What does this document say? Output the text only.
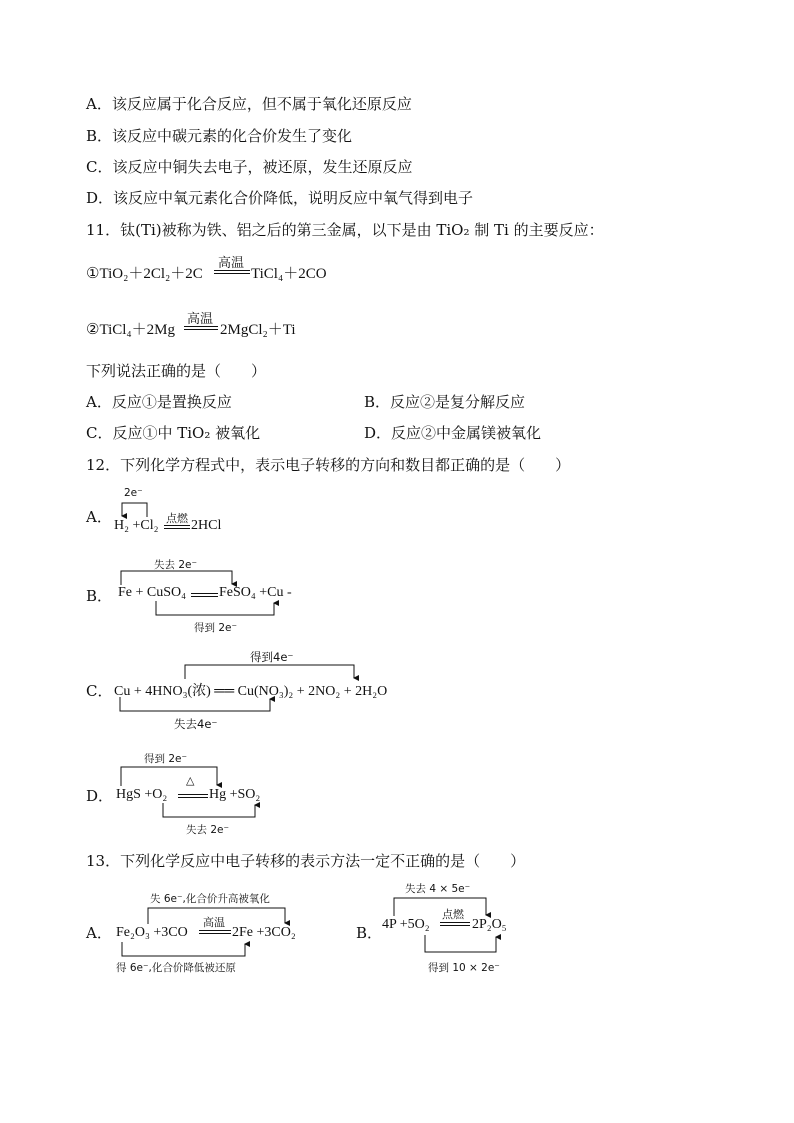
A．该反应属于化合反应，但不属于氧化还原反应
B．该反应中碳元素的化合价发生了变化
C．该反应中铜失去电子，被还原，发生还原反应
D．该反应中氧元素化合价降低，说明反应中氧气得到电子
11．钛(Ti)被称为铁、铝之后的第三金属，以下是由 TiO₂ 制 Ti 的主要反应：
①TiO₂＋2Cl₂＋2C
高温
TiCl₄＋2CO
②TiCl₄＋2Mg
高温
2MgCl₂＋Ti
下列说法正确的是（　　）
A．反应①是置换反应	B．反应②是复分解反应
C．反应①中 TiO₂ 被氧化	D．反应②中金属镁被氧化
12．下列化学方程式中，表示电子转移的方向和数目都正确的是（　　）
A．
2e⁻
H₂ +Cl₂ 点燃 2HCl
B．
失去 2e⁻
Fe + CuSO₄ FeSO₄ +Cu -
得到 2e⁻
C．
得到4e⁻
Cu + 4HNO₃(浓) ══ Cu(NO₃)₂ + 2NO₂ + 2H₂O
失去4e⁻
D．
得到 2e⁻
HgS +O₂
△
Hg +SO₂
失去 2e⁻
13．下列化学反应中电子转移的表示方法一定不正确的是（　　）
A．
失 6e⁻,化合价升高被氧化
Fe₂O₃ +3CO
高温
2Fe +3CO₂
得 6e⁻,化合价降低被还原
B．
失去 4 × 5e⁻
4P +5O₂
点燃
2P₂O₅
得到 10 × 2e⁻
